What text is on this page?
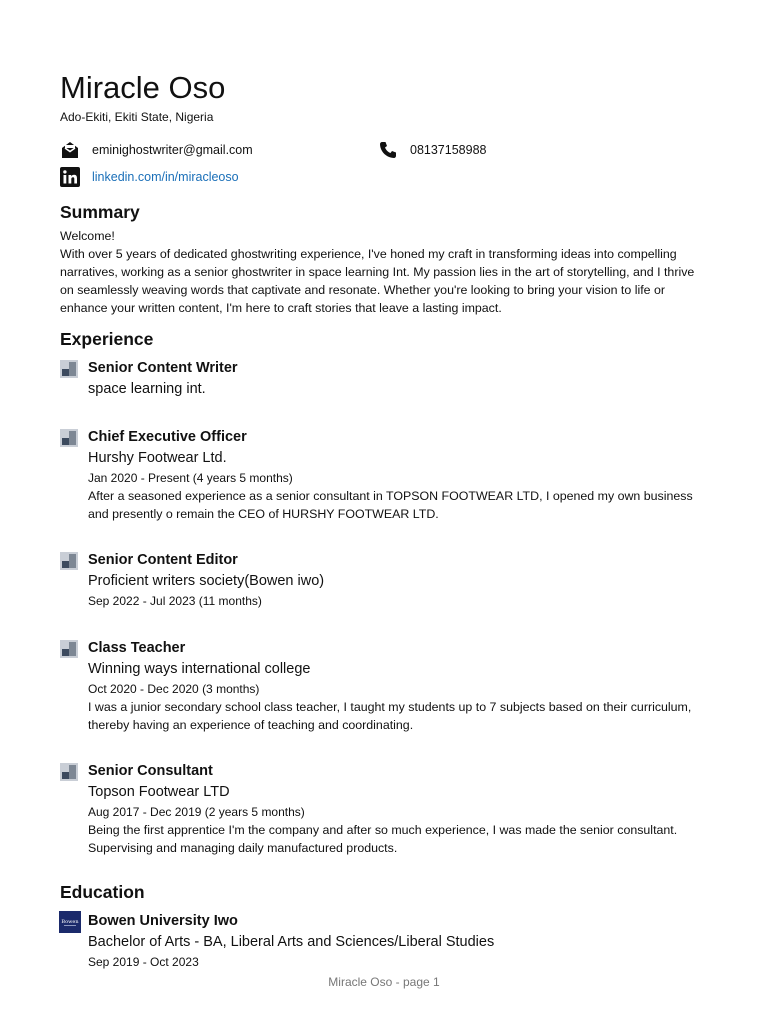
Miracle Oso
Ado-Ekiti, Ekiti State, Nigeria
eminighostwriter@gmail.com	08137158988
linkedin.com/in/miracleoso
Summary

Welcome!

With over 5 years of dedicated ghostwriting experience, I've honed my craft in transforming ideas into compelling narratives, working as a senior ghostwriter in space learning Int. My passion lies in the art of storytelling, and I thrive on seamlessly weaving words that captivate and resonate. Whether you're looking to bring your vision to life or enhance your written content, I'm here to craft stories that leave a lasting impact.

Experience
Senior Content Writer
space learning int.
Chief Executive Officer
Hurshy Footwear Ltd.
Jan 2020 - Present (4 years 5 months)
After a seasoned experience as a senior consultant in TOPSON FOOTWEAR LTD, I opened my own business and presently o remain the CEO of HURSHY FOOTWEAR LTD.
Senior Content Editor
Proficient writers society(Bowen iwo)
Sep 2022 - Jul 2023 (11 months)
Class Teacher
Winning ways international college
Oct 2020 - Dec 2020 (3 months)
I was a junior secondary school class teacher, I taught my students up to 7 subjects based on their curriculum, thereby having an experience of teaching and coordinating.
Senior Consultant
Topson Footwear LTD
Aug 2017 - Dec 2019 (2 years 5 months)
Being the first apprentice I'm the company and after so much experience, I was made the senior consultant. Supervising and managing daily manufactured products.
Education
Bowen Bowen University Iwo
Bachelor of Arts - BA, Liberal Arts and Sciences/Liberal Studies
Sep 2019 - Oct 2023
Miracle Oso - page 1
